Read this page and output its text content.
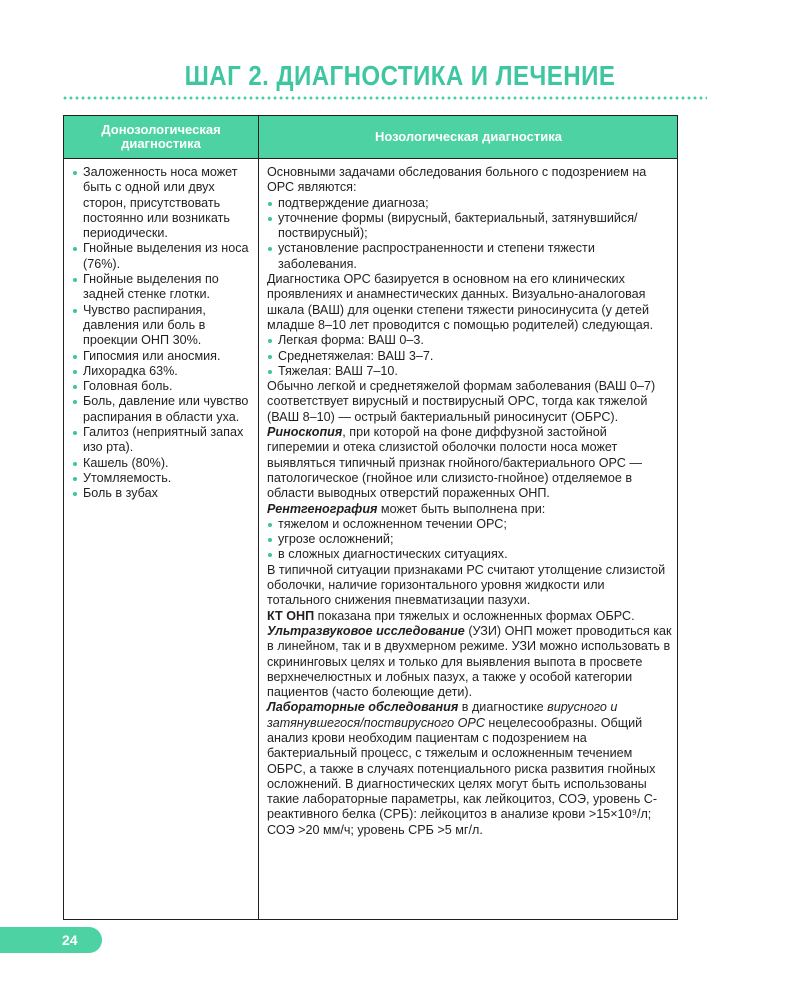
ШАГ 2. ДИАГНОСТИКА И ЛЕЧЕНИЕ
Донозологическая диагностика	Нозологическая диагностика

Заложенность носа может быть с одной или двух сторон, присутствовать постоянно или возникать периодически.

Гнойные выделения из носа (76%).

Гнойные выделения по задней стенке глотки.

Чувство распирания, давления или боль в проекции ОНП 30%.

Гипосмия или аносмия.

Лихорадка 63%.

Головная боль.

Боль, давление или чувство распирания в области уха.

Галитоз (неприятный запах изо рта).

Кашель (80%).

Утомляемость.

Боль в зубах

Основными задачами обследования больного с подозрением на ОРС являются:

подтверждение диагноза;

уточнение формы (вирусный, бактериальный, затянувшийся/поствирусный);

установление распространенности и степени тяжести заболевания.

Диагностика ОРС базируется в основном на его клинических проявлениях и анамнестических данных. Визуально-аналоговая шкала (ВАШ) для оценки степени тяжести риносинусита (у детей младше 8–10 лет проводится с помощью родителей) следующая.

Легкая форма: ВАШ 0–3.

Среднетяжелая: ВАШ 3–7.

Тяжелая: ВАШ 7–10.

Обычно легкой и среднетяжелой формам заболевания (ВАШ 0–7) соответствует вирусный и поствирусный ОРС, тогда как тяжелой (ВАШ 8–10) — острый бактериальный риносинусит (ОБРС).

Риноскопия, при которой на фоне диффузной застойной гиперемии и отека слизистой оболочки полости носа может выявляться типичный признак гнойного/бактериального ОРС — патологическое (гнойное или слизисто-гнойное) отделяемое в области выводных отверстий пораженных ОНП.

Рентгенография может быть выполнена при:

тяжелом и осложненном течении ОРС;

угрозе осложнений;

в сложных диагностических ситуациях.

В типичной ситуации признаками РС считают утолщение слизистой оболочки, наличие горизонтального уровня жидкости или тотального снижения пневматизации пазухи.

КТ ОНП показана при тяжелых и осложненных формах ОБРС.

Ультразвуковое исследование (УЗИ) ОНП может проводиться как в линейном, так и в двухмерном режиме. УЗИ можно использовать в скрининговых целях и только для выявления выпота в просвете верхнечелюстных и лобных пазух, а также у особой категории пациентов (часто болеющие дети).

Лабораторные обследования в диагностике вирусного и затянувшегося/поствирусного ОРС нецелесообразны. Общий анализ крови необходим пациентам с подозрением на бактериальный процесс, с тяжелым и осложненным течением ОБРС, а также в случаях потенциального риска развития гнойных осложнений. В диагностических целях могут быть использованы такие лабораторные параметры, как лейкоцитоз, СОЭ, уровень С-реактивного белка (СРБ): лейкоцитоз в анализе крови >15×10⁹/л; СОЭ >20 мм/ч; уровень СРБ >5 мг/л.

24
